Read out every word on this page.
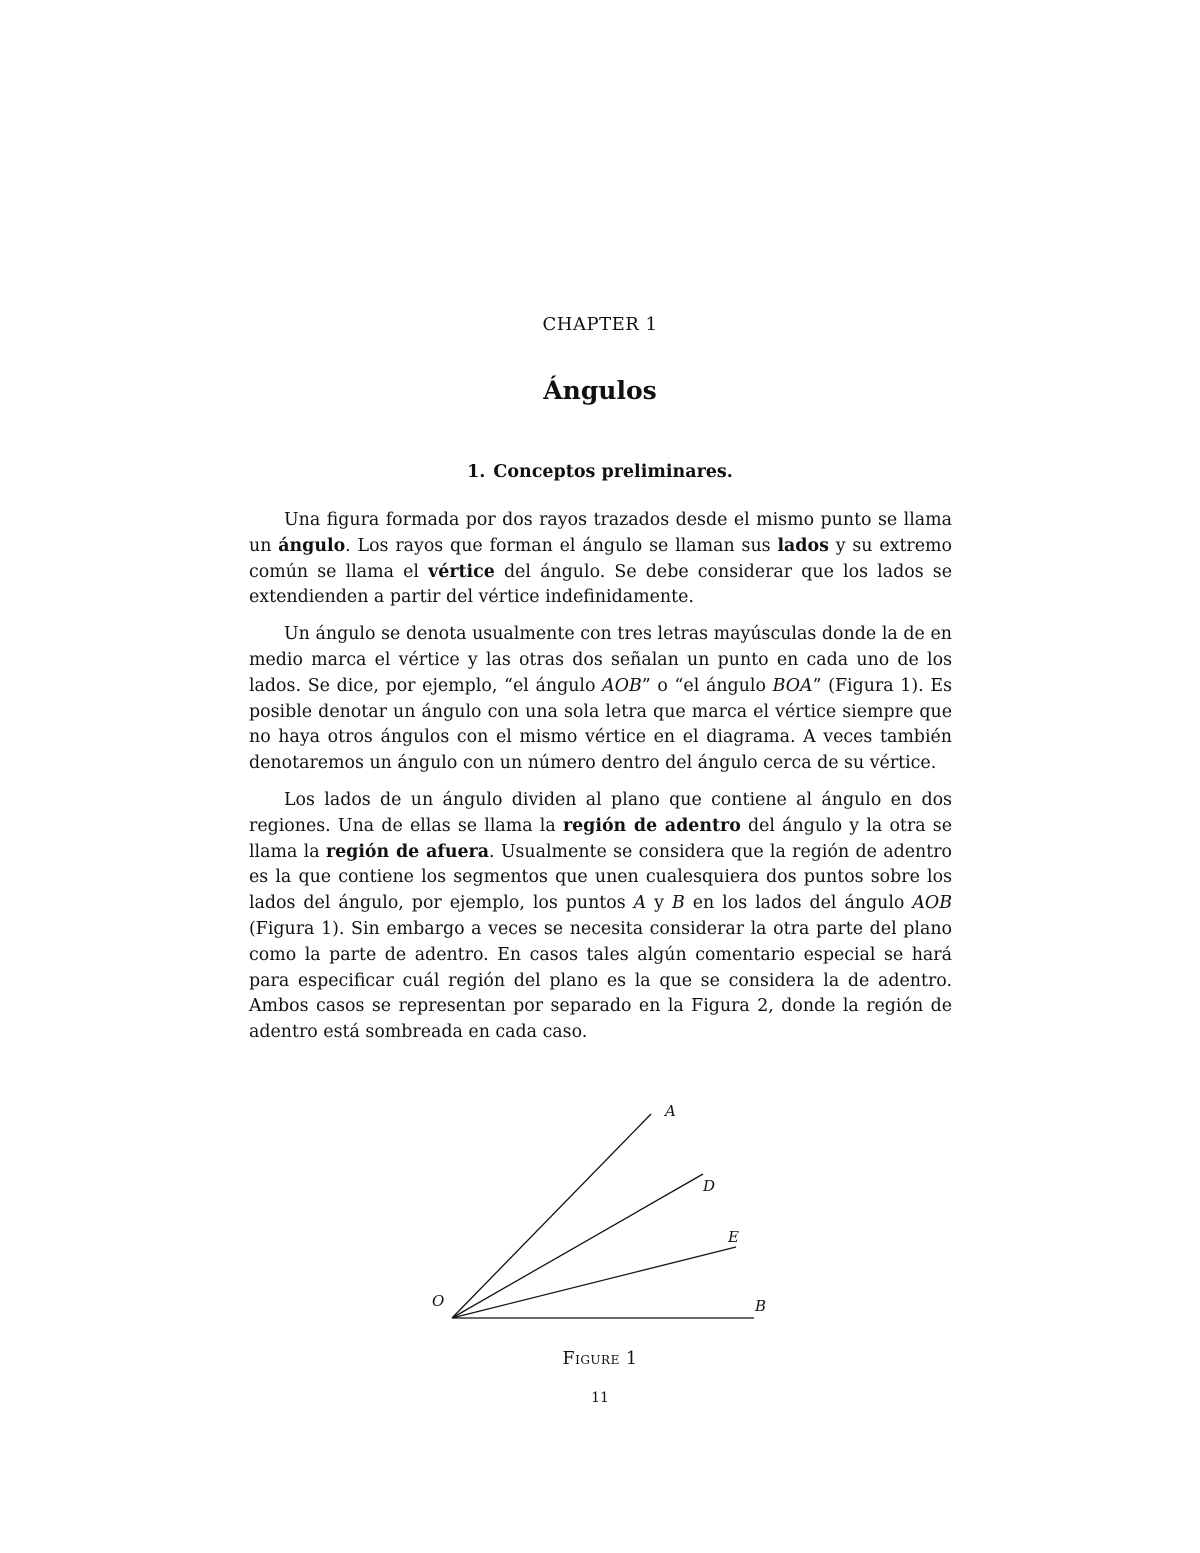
CHAPTER 1
Ángulos
1. Conceptos preliminares.

Una figura formada por dos rayos trazados desde el mismo punto se llama un ángulo. Los rayos que forman el ángulo se llaman sus lados y su extremo común se llama el vértice del ángulo. Se debe considerar que los lados se extendienden a partir del vértice indefinidamente.

Un ángulo se denota usualmente con tres letras mayúsculas donde la de en medio marca el vértice y las otras dos señalan un punto en cada uno de los lados. Se dice, por ejemplo, “el ángulo AOB” o “el ángulo BOA” (Figura 1). Es posible denotar un ángulo con una sola letra que marca el vértice siempre que no haya otros ángulos con el mismo vértice en el diagrama. A veces también denotaremos un ángulo con un número dentro del ángulo cerca de su vértice.

Los lados de un ángulo dividen al plano que contiene al ángulo en dos regiones. Una de ellas se llama la región de adentro del ángulo y la otra se llama la región de afuera. Usualmente se considera que la región de adentro es la que contiene los segmentos que unen cualesquiera dos puntos sobre los lados del ángulo, por ejemplo, los puntos A y B en los lados del ángulo AOB (Figura 1). Sin embargo a veces se necesita considerar la otra parte del plano como la parte de adentro. En casos tales algún comentario especial se hará para especificar cuál región del plano es la que se considera la de adentro. Ambos casos se representan por separado en la Figura 2, donde la región de adentro está sombreada en cada caso.

A
D
E
B
O
Figure 1
11
